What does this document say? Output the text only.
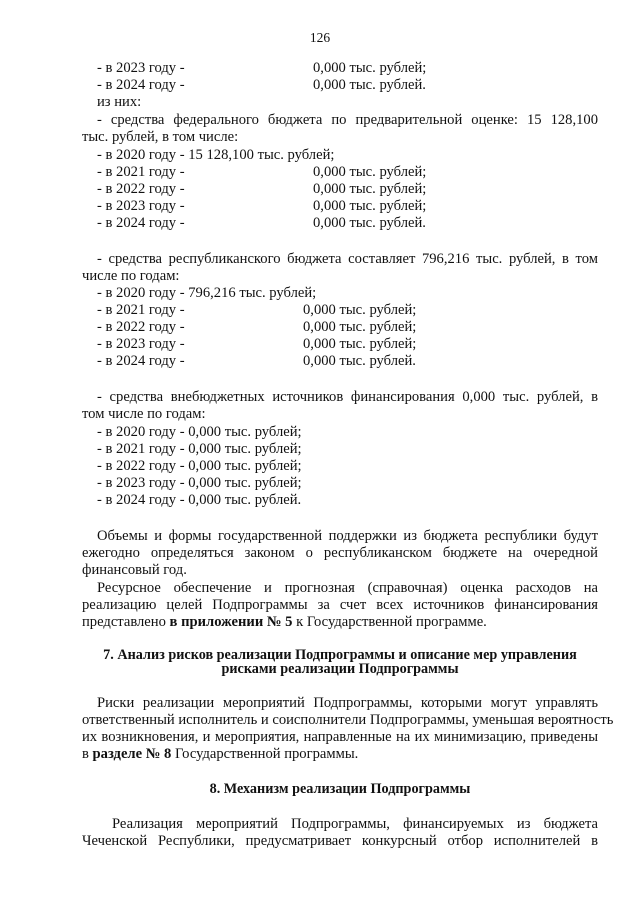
126
- в 2023 году -	0,000 тыс. рублей;
- в 2024 году -	0,000 тыс. рублей.
из них:
- средства федерального бюджета по предварительной оценке: 15 128,100
тыс. рублей, в том числе:
- в 2020 году - 15 128,100 тыс. рублей;
- в 2021 году -	0,000 тыс. рублей;
- в 2022 году -	0,000 тыс. рублей;
- в 2023 году -	0,000 тыс. рублей;
- в 2024 году -	0,000 тыс. рублей.
- средства республиканского бюджета составляет 796,216 тыс. рублей, в том
числе по годам:
- в 2020 году - 796,216 тыс. рублей;
- в 2021 году -	0,000 тыс. рублей;
- в 2022 году -	0,000 тыс. рублей;
- в 2023 году -	0,000 тыс. рублей;
- в 2024 году -	0,000 тыс. рублей.
- средства внебюджетных источников финансирования 0,000 тыс. рублей, в
том числе по годам:
- в 2020 году - 0,000 тыс. рублей;
- в 2021 году - 0,000 тыс. рублей;
- в 2022 году - 0,000 тыс. рублей;
- в 2023 году - 0,000 тыс. рублей;
- в 2024 году - 0,000 тыс. рублей.
Объемы и формы государственной поддержки из бюджета республики будут
ежегодно определяться законом о республиканском бюджете на очередной
финансовый год.
Ресурсное обеспечение и прогнозная (справочная) оценка расходов на
реализацию целей Подпрограммы за счет всех источников финансирования
представлено в приложении № 5 к Государственной программе.
7. Анализ рисков реализации Подпрограммы и описание мер управления
рисками реализации Подпрограммы
Риски реализации мероприятий Подпрограммы, которыми могут управлять
ответственный исполнитель и соисполнители Подпрограммы, уменьшая вероятность
их возникновения, и мероприятия, направленные на их минимизацию, приведены
в разделе № 8 Государственной программы.
8. Механизм реализации Подпрограммы
Реализация мероприятий Подпрограммы, финансируемых из бюджета
Чеченской Республики, предусматривает конкурсный отбор исполнителей в
